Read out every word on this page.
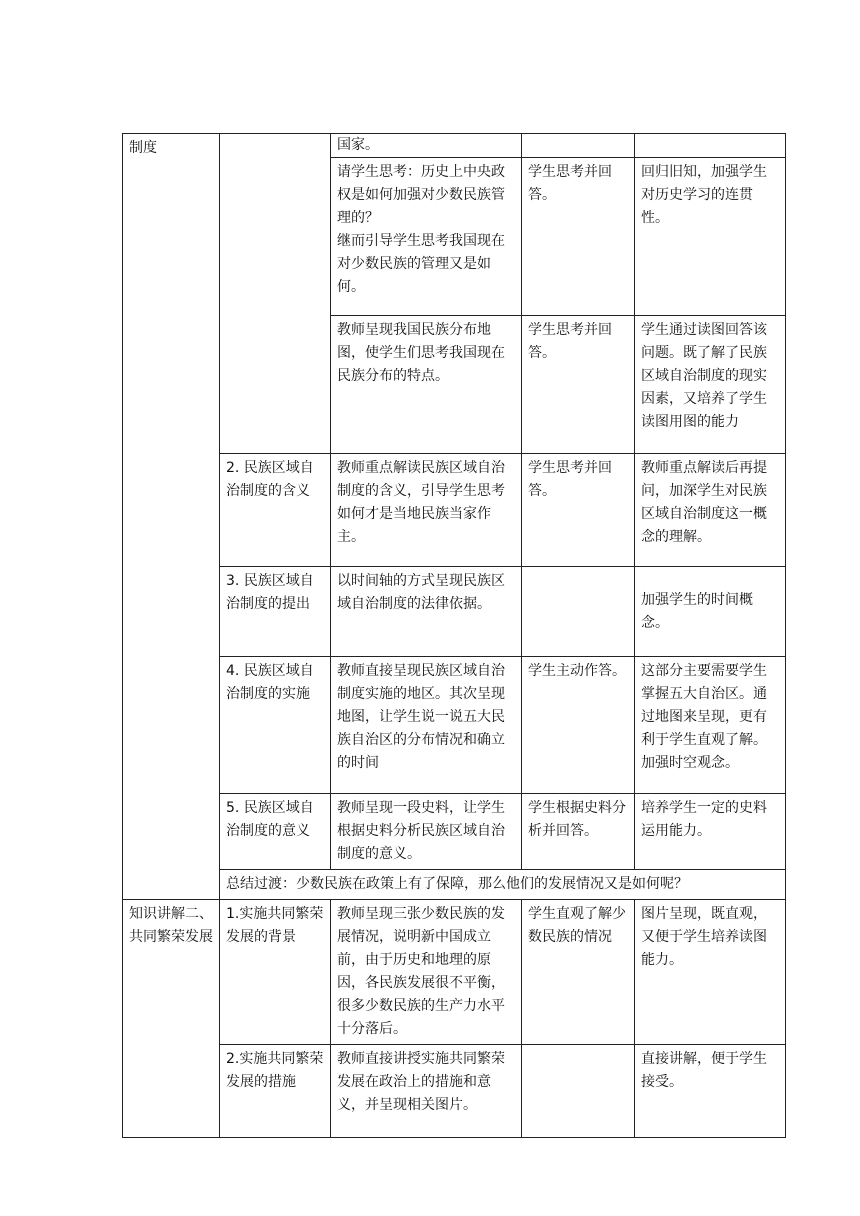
制度		国家。		

		请学生思考：历史上中央政权是如何加强对少数民族管理的？
继而引导学生思考我国现在对少数民族的管理又是如何。	学生思考并回答。	回归旧知，加强学生对历史学习的连贯性。
		教师呈现我国民族分布地图，使学生们思考我国现在民族分布的特点。	学生思考并回答。	学生通过读图回答该问题。既了解了民族区域自治制度的现实因素，又培养了学生读图用图的能力
	2. 民族区域自治制度的含义	教师重点解读民族区域自治制度的含义，引导学生思考如何才是当地民族当家作主。	学生思考并回答。	教师重点解读后再提问，加深学生对民族区域自治制度这一概念的理解。
	3. 民族区域自治制度的提出	以时间轴的方式呈现民族区域自治制度的法律依据。		加强学生的时间概念。
	4. 民族区域自治制度的实施	教师直接呈现民族区域自治制度实施的地区。其次呈现地图，让学生说一说五大民族自治区的分布情况和确立的时间	学生主动作答。	这部分主要需要学生掌握五大自治区。通过地图来呈现，更有利于学生直观了解。加强时空观念。
	5. 民族区域自治制度的意义	教师呈现一段史料，让学生根据史料分析民族区域自治制度的意义。	学生根据史料分析并回答。	培养学生一定的史料运用能力。
	总结过渡：少数民族在政策上有了保障，那么他们的发展情况又是如何呢？			
知识讲解二、共同繁荣发展	1.实施共同繁荣发展的背景	教师呈现三张少数民族的发展情况，说明新中国成立前，由于历史和地理的原因，各民族发展很不平衡，很多少数民族的生产力水平十分落后。	学生直观了解少数民族的情况	图片呈现，既直观，又便于学生培养读图能力。
	2.实施共同繁荣发展的措施	教师直接讲授实施共同繁荣发展在政治上的措施和意义，并呈现相关图片。		直接讲解，便于学生接受。
